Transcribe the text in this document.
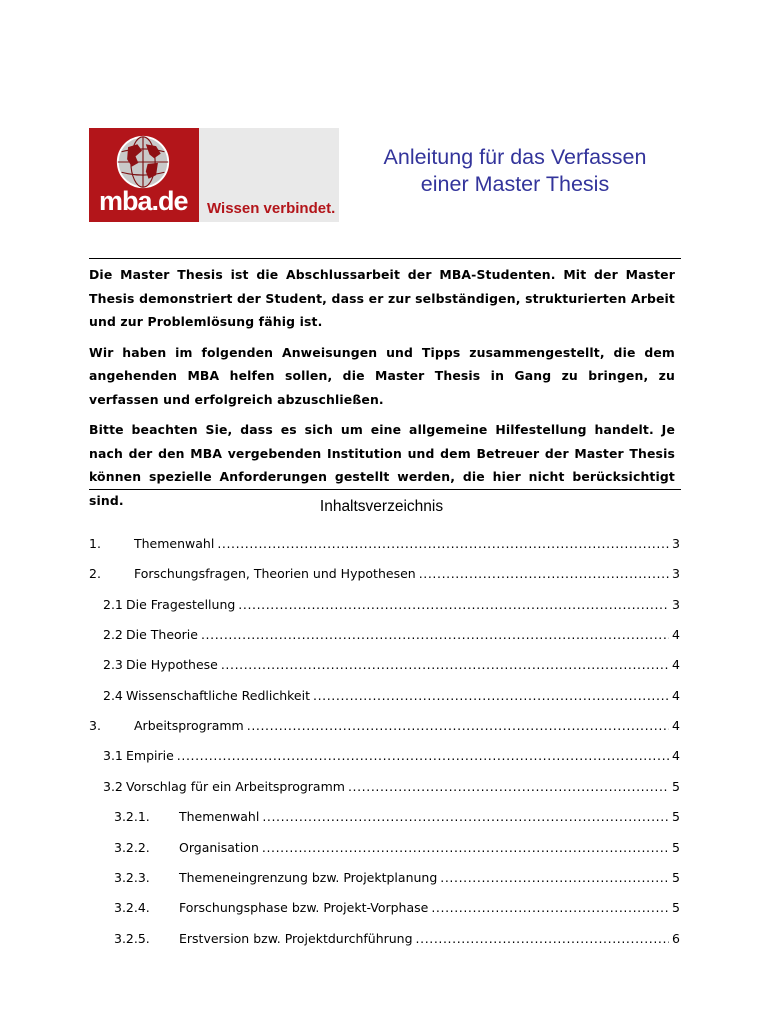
mba.de Wissen verbindet.
Anleitung für das Verfassen
einer Master Thesis

Die Master Thesis ist die Abschlussarbeit der MBA-Studenten. Mit der Master Thesis demonstriert der Student, dass er zur selbständigen, strukturierten Arbeit und zur Problemlösung fähig ist.

Wir haben im folgenden Anweisungen und Tipps zusammengestellt, die dem angehenden MBA helfen sollen, die Master Thesis in Gang zu bringen, zu verfassen und erfolgreich abzuschließen.

Bitte beachten Sie, dass es sich um eine allgemeine Hilfestellung handelt. Je nach der den MBA vergebenden Institution und dem Betreuer der Master Thesis können spezielle Anforderungen gestellt werden, die hier nicht berücksichtigt sind.	Inhaltsverzeichnis
1.	Themenwahl .....	3
2.	Forschungsfragen, Theorien und Hypothesen .....	3
2.1 Die Fragestellung .....	3
2.2 Die Theorie .....	4
2.3 Die Hypothese .....	4
2.4 Wissenschaftliche Redlichkeit .....	4
3.	Arbeitsprogramm .....	4
3.1 Empirie .....	4
3.2 Vorschlag für ein Arbeitsprogramm .....	5
3.2.1.	Themenwahl .....	5
3.2.2.	Organisation .....	5
3.2.3.	Themeneingrenzung bzw. Projektplanung .....	5
3.2.4.	Forschungsphase bzw. Projekt-Vorphase .....	5
3.2.5.	Erstversion bzw. Projektdurchführung .....	6
